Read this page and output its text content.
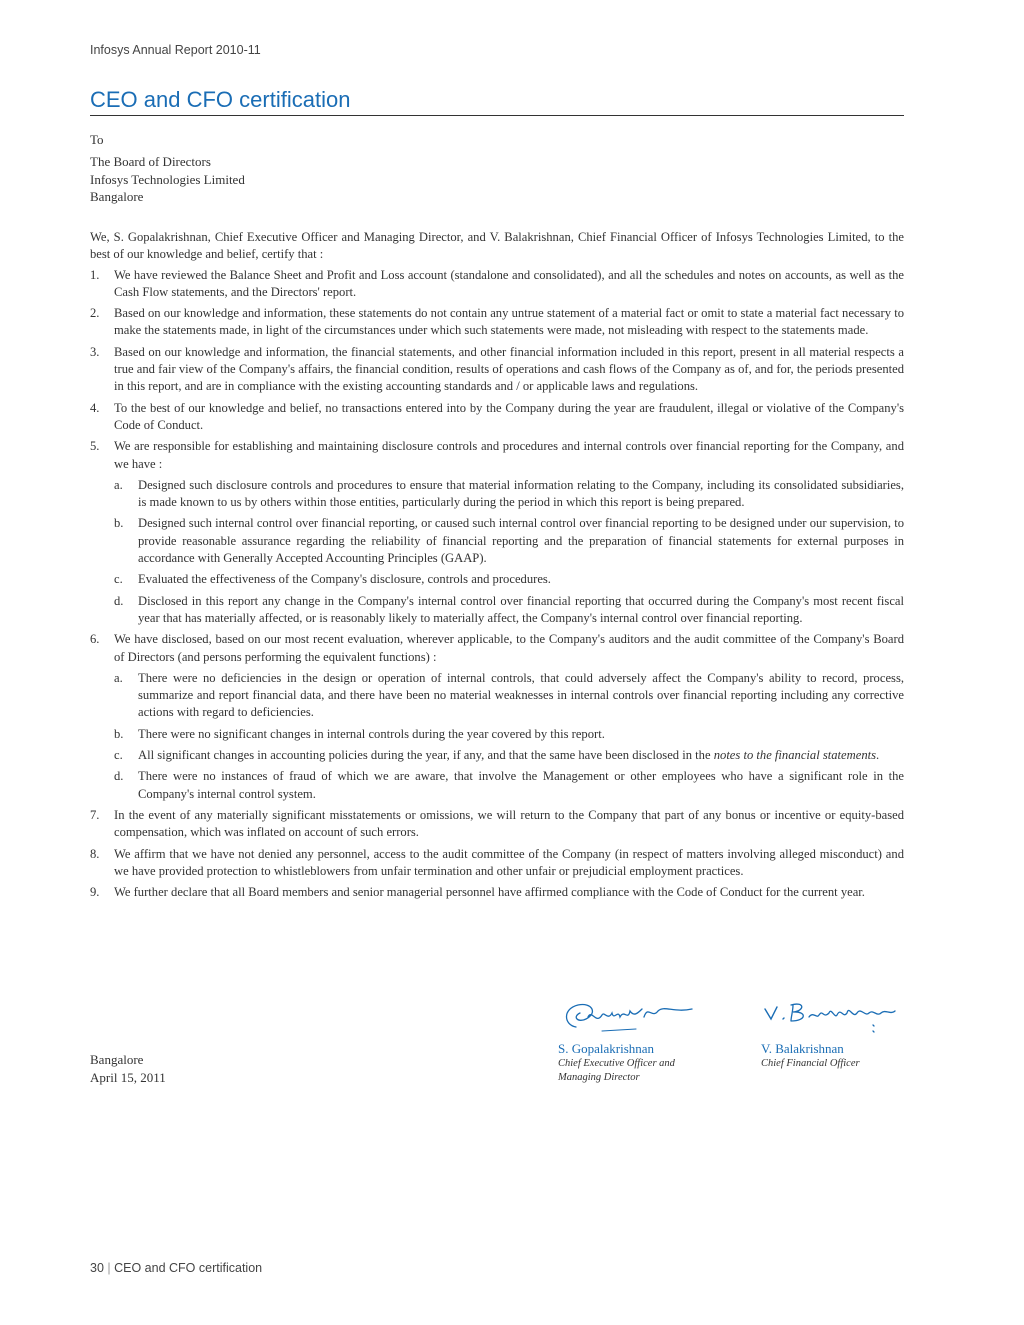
Infosys Annual Report 2010-11
CEO and CFO certification
To
The Board of Directors
Infosys Technologies Limited
Bangalore

We, S. Gopalakrishnan, Chief Executive Officer and Managing Director, and V. Balakrishnan, Chief Financial Officer of Infosys Technologies Limited, to the best of our knowledge and belief, certify that :

1. We have reviewed the Balance Sheet and Profit and Loss account (standalone and consolidated), and all the schedules and notes on accounts, as well as the Cash Flow statements, and the Directors' report.
2. Based on our knowledge and information, these statements do not contain any untrue statement of a material fact or omit to state a material fact necessary to make the statements made, in light of the circumstances under which such statements were made, not misleading with respect to the statements made.
3. Based on our knowledge and information, the financial statements, and other financial information included in this report, present in all material respects a true and fair view of the Company's affairs, the financial condition, results of operations and cash flows of the Company as of, and for, the periods presented in this report, and are in compliance with the existing accounting standards and / or applicable laws and regulations.
4. To the best of our knowledge and belief, no transactions entered into by the Company during the year are fraudulent, illegal or violative of the Company's Code of Conduct.
5. We are responsible for establishing and maintaining disclosure controls and procedures and internal controls over financial reporting for the Company, and we have :
a. Designed such disclosure controls and procedures to ensure that material information relating to the Company, including its consolidated subsidiaries, is made known to us by others within those entities, particularly during the period in which this report is being prepared.
b. Designed such internal control over financial reporting, or caused such internal control over financial reporting to be designed under our supervision, to provide reasonable assurance regarding the reliability of financial reporting and the preparation of financial statements for external purposes in accordance with Generally Accepted Accounting Principles (GAAP).
c. Evaluated the effectiveness of the Company's disclosure, controls and procedures.
d. Disclosed in this report any change in the Company's internal control over financial reporting that occurred during the Company's most recent fiscal year that has materially affected, or is reasonably likely to materially affect, the Company's internal control over financial reporting.
6. We have disclosed, based on our most recent evaluation, wherever applicable, to the Company's auditors and the audit committee of the Company's Board of Directors (and persons performing the equivalent functions) :
a. There were no deficiencies in the design or operation of internal controls, that could adversely affect the Company's ability to record, process, summarize and report financial data, and there have been no material weaknesses in internal controls over financial reporting including any corrective actions with regard to deficiencies.
b. There were no significant changes in internal controls during the year covered by this report.
c. All significant changes in accounting policies during the year, if any, and that the same have been disclosed in the notes to the financial statements.
d. There were no instances of fraud of which we are aware, that involve the Management or other employees who have a significant role in the Company's internal control system.
7. In the event of any materially significant misstatements or omissions, we will return to the Company that part of any bonus or incentive or equity-based compensation, which was inflated on account of such errors.
8. We affirm that we have not denied any personnel, access to the audit committee of the Company (in respect of matters involving alleged misconduct) and we have provided protection to whistleblowers from unfair termination and other unfair or prejudicial employment practices.
9. We further declare that all Board members and senior managerial personnel have affirmed compliance with the Code of Conduct for the current year.
S. Gopalakrishnan
Chief Executive Officer and Managing Director
V. Balakrishnan
Chief Financial Officer
Bangalore
April 15, 2011
30 | CEO and CFO certification
